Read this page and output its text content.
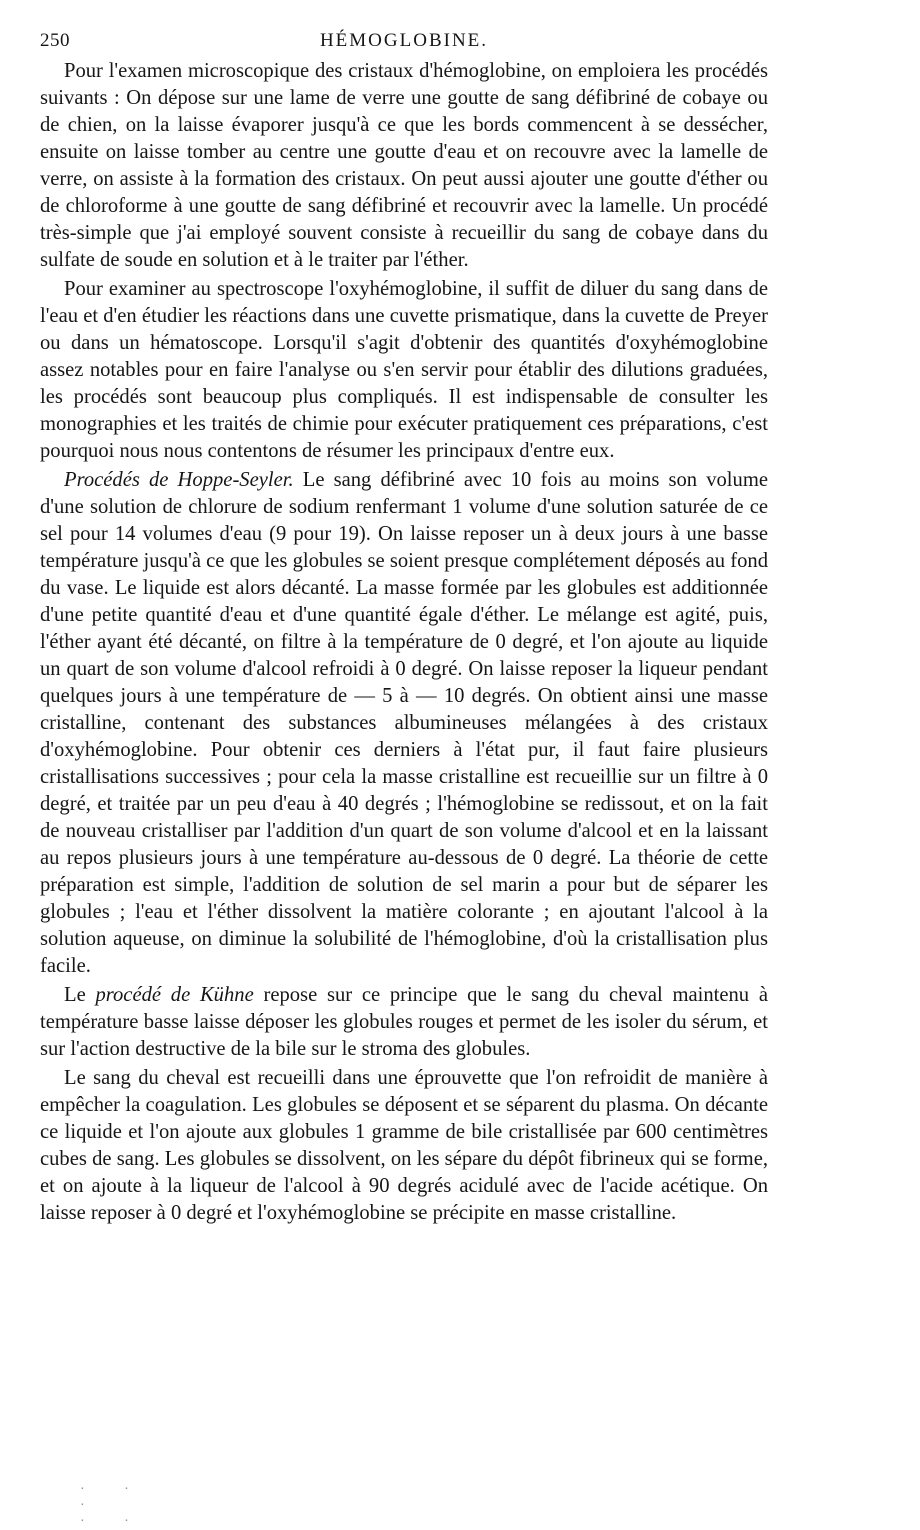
250	HÉMOGLOBINE.

Pour l'examen microscopique des cristaux d'hémoglobine, on emploiera les procédés suivants : On dépose sur une lame de verre une goutte de sang défibriné de cobaye ou de chien, on la laisse évaporer jusqu'à ce que les bords commencent à se dessécher, ensuite on laisse tomber au centre une goutte d'eau et on recouvre avec la lamelle de verre, on assiste à la formation des cristaux. On peut aussi ajouter une goutte d'éther ou de chloroforme à une goutte de sang défibriné et recouvrir avec la lamelle. Un procédé très-simple que j'ai employé souvent consiste à recueillir du sang de cobaye dans du sulfate de soude en solution et à le traiter par l'éther.

Pour examiner au spectroscope l'oxyhémoglobine, il suffit de diluer du sang dans de l'eau et d'en étudier les réactions dans une cuvette prismatique, dans la cuvette de Preyer ou dans un hématoscope. Lorsqu'il s'agit d'obtenir des quantités d'oxyhémoglobine assez notables pour en faire l'analyse ou s'en servir pour établir des dilutions graduées, les procédés sont beaucoup plus compliqués. Il est indispensable de consulter les monographies et les traités de chimie pour exécuter pratiquement ces préparations, c'est pourquoi nous nous contentons de résumer les principaux d'entre eux.

Procédés de Hoppe-Seyler. Le sang défibriné avec 10 fois au moins son volume d'une solution de chlorure de sodium renfermant 1 volume d'une solution saturée de ce sel pour 14 volumes d'eau (9 pour 19). On laisse reposer un à deux jours à une basse température jusqu'à ce que les globules se soient presque complétement déposés au fond du vase. Le liquide est alors décanté. La masse formée par les globules est additionnée d'une petite quantité d'eau et d'une quantité égale d'éther. Le mélange est agité, puis, l'éther ayant été décanté, on filtre à la température de 0 degré, et l'on ajoute au liquide un quart de son volume d'alcool refroidi à 0 degré. On laisse reposer la liqueur pendant quelques jours à une température de — 5 à — 10 degrés. On obtient ainsi une masse cristalline, contenant des substances albumineuses mélangées à des cristaux d'oxyhémoglobine. Pour obtenir ces derniers à l'état pur, il faut faire plusieurs cristallisations successives ; pour cela la masse cristalline est recueillie sur un filtre à 0 degré, et traitée par un peu d'eau à 40 degrés ; l'hémoglobine se redissout, et on la fait de nouveau cristalliser par l'addition d'un quart de son volume d'alcool et en la laissant au repos plusieurs jours à une température au-dessous de 0 degré. La théorie de cette préparation est simple, l'addition de solution de sel marin a pour but de séparer les globules ; l'eau et l'éther dissolvent la matière colorante ; en ajoutant l'alcool à la solution aqueuse, on diminue la solubilité de l'hémoglobine, d'où la cristallisation plus facile.

Le procédé de Kühne repose sur ce principe que le sang du cheval maintenu à température basse laisse déposer les globules rouges et permet de les isoler du sérum, et sur l'action destructive de la bile sur le stroma des globules.

Le sang du cheval est recueilli dans une éprouvette que l'on refroidit de manière à empêcher la coagulation. Les globules se déposent et se séparent du plasma. On décante ce liquide et l'on ajoute aux globules 1 gramme de bile cristallisée par 600 centimètres cubes de sang. Les globules se dissolvent, on les sépare du dépôt fibrineux qui se forme, et on ajoute à la liqueur de l'alcool à 90 degrés acidulé avec de l'acide acétique. On laisse reposer à 0 degré et l'oxyhémoglobine se précipite en masse cristalline.

· · ·                                       · ·
